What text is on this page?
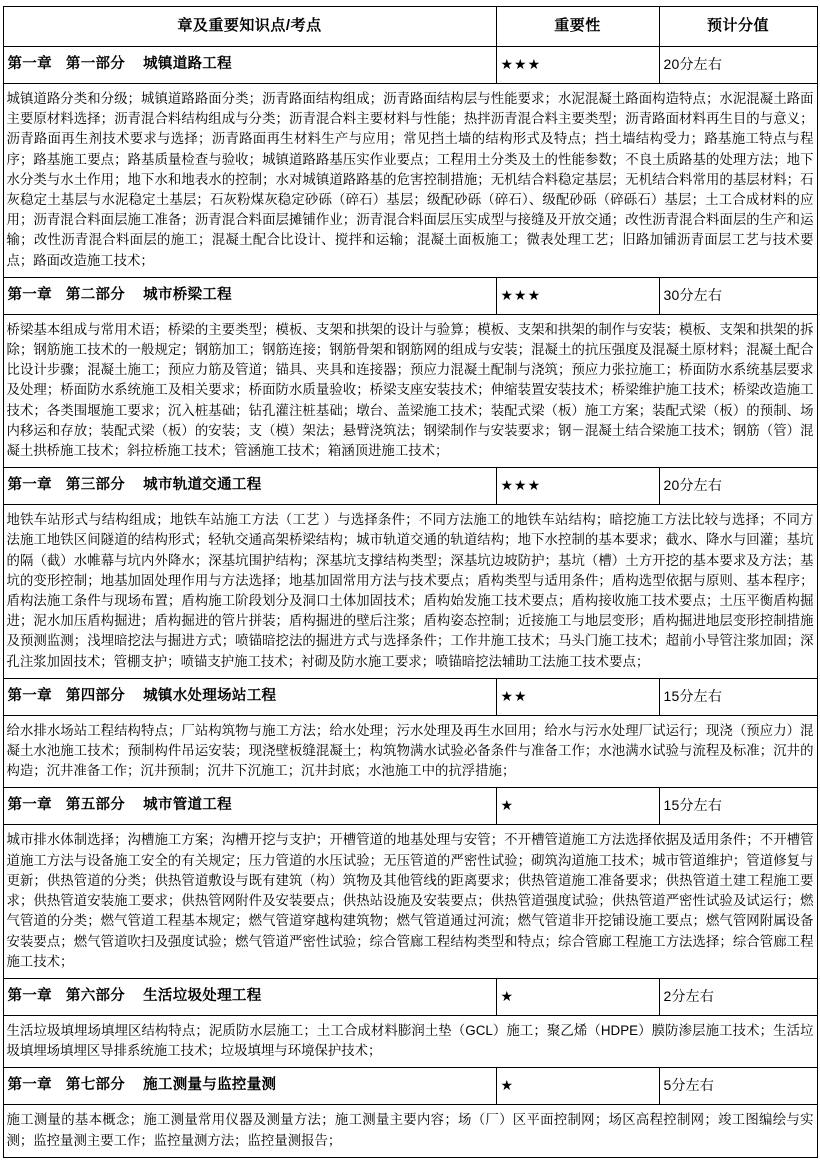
章及重要知识点/考点	重要性	预计分值
第一章 第一部分 城镇道路工程	★★★	20分左右

城镇道路分类和分级；城镇道路路面分类；沥青路面结构组成；沥青路面结构层与性能要求；水泥混凝土路面构造特点；水泥混凝土路面主要原材料选择；沥青混合料结构组成与分类；沥青混合料主要材料与性能；热拌沥青混合料主要类型；沥青路面材料再生目的与意义；沥青路面再生剂技术要求与选择；沥青路面再生材料生产与应用；常见挡土墙的结构形式及特点；挡土墙结构受力；路基施工特点与程序；路基施工要点；路基质量检查与验收；城镇道路路基压实作业要点；工程用土分类及土的性能参数；不良土质路基的处理方法；地下水分类与水土作用；地下水和地表水的控制；水对城镇道路路基的危害控制措施；无机结合料稳定基层；无机结合料常用的基层材料；石灰稳定土基层与水泥稳定土基层；石灰粉煤灰稳定砂砾（碎石）基层；级配砂砾（碎石）、级配砂砾（碎砾石）基层；土工合成材料的应用；沥青混合料面层施工准备；沥青混合料面层摊铺作业；沥青混合料面层压实成型与接缝及开放交通；改性沥青混合料面层的生产和运输；改性沥青混合料面层的施工；混凝土配合比设计、搅拌和运输；混凝土面板施工；微表处理工艺；旧路加铺沥青面层工艺与技术要点；路面改造施工技术；		

第一章 第二部分 城市桥梁工程	★★★	30分左右

桥梁基本组成与常用术语；桥梁的主要类型；模板、支架和拱架的设计与验算；模板、支架和拱架的制作与安装；模板、支架和拱架的拆除；钢筋施工技术的一般规定；钢筋加工；钢筋连接；钢筋骨架和钢筋网的组成与安装；混凝土的抗压强度及混凝土原材料；混凝土配合比设计步骤；混凝土施工；预应力筋及管道；锚具、夹具和连接器；预应力混凝土配制与浇筑；预应力张拉施工；桥面防水系统基层要求及处理；桥面防水系统施工及相关要求；桥面防水质量验收；桥梁支座安装技术；伸缩装置安装技术；桥梁维护施工技术；桥梁改造施工技术；各类围堰施工要求；沉入桩基础；钻孔灌注桩基础；墩台、盖梁施工技术；装配式梁（板）施工方案；装配式梁（板）的预制、场内移运和存放；装配式梁（板）的安装；支（模）架法；悬臂浇筑法；钢梁制作与安装要求；钢－混凝土结合梁施工技术；钢筋（管）混凝土拱桥施工技术；斜拉桥施工技术；管涵施工技术；箱涵顶进施工技术；		

第一章 第三部分 城市轨道交通工程	★★★	20分左右

地铁车站形式与结构组成；地铁车站施工方法（工艺 ）与选择条件；不同方法施工的地铁车站结构；暗挖施工方法比较与选择；不同方法施工地铁区间隧道的结构形式；轻轨交通高架桥梁结构；城市轨道交通的轨道结构；地下水控制的基本要求；截水、降水与回灌；基坑的隔（截）水帷幕与坑内外降水；深基坑围护结构；深基坑支撑结构类型；深基坑边坡防护；基坑（槽）土方开挖的基本要求及方法；基坑的变形控制；地基加固处理作用与方法选择；地基加固常用方法与技术要点；盾构类型与适用条件；盾构选型依据与原则、基本程序；盾构法施工条件与现场布置；盾构施工阶段划分及洞口土体加固技术；盾构始发施工技术要点；盾构接收施工技术要点；土压平衡盾构掘进；泥水加压盾构掘进；盾构掘进的管片拼装；盾构掘进的壁后注浆；盾构姿态控制；近接施工与地层变形；盾构掘进地层变形控制措施及预测监测；浅埋暗挖法与掘进方式；喷锚暗挖法的掘进方式与选择条件；工作井施工技术；马头门施工技术；超前小导管注浆加固；深孔注浆加固技术；管棚支护；喷锚支护施工技术；衬砌及防水施工要求；喷锚暗挖法辅助工法施工技术要点；		

第一章 第四部分 城镇水处理场站工程	★★	15分左右

给水排水场站工程结构特点；厂站构筑物与施工方法；给水处理；污水处理及再生水回用；给水与污水处理厂试运行；现浇（预应力）混凝土水池施工技术；预制构件吊运安装；现浇壁板缝混凝土；构筑物满水试验必备条件与准备工作；水池满水试验与流程及标准；沉井的构造；沉井准备工作；沉井预制；沉井下沉施工；沉井封底；水池施工中的抗浮措施；		

第一章 第五部分 城市管道工程	★	15分左右

城市排水体制选择；沟槽施工方案；沟槽开挖与支护；开槽管道的地基处理与安管；不开槽管道施工方法选择依据及适用条件；不开槽管道施工方法与设备施工安全的有关规定；压力管道的水压试验；无压管道的严密性试验；砌筑沟道施工技术；城市管道维护；管道修复与更新；供热管道的分类；供热管道敷设与既有建筑（构）筑物及其他管线的距离要求；供热管道施工准备要求；供热管道土建工程施工要求；供热管道安装施工要求；供热管网附件及安装要点；供热站设施及安装要点；供热管道强度试验；供热管道严密性试验及试运行；燃气管道的分类；燃气管道工程基本规定；燃气管道穿越构建筑物；燃气管道通过河流；燃气管道非开挖铺设施工要点；燃气管网附属设备安装要点；燃气管道吹扫及强度试验；燃气管道严密性试验；综合管廊工程结构类型和特点；综合管廊工程施工方法选择；综合管廊工程施工技术；		

第一章 第六部分 生活垃圾处理工程	★	2分左右

生活垃圾填埋场填埋区结构特点；泥质防水层施工；土工合成材料膨润土垫（GCL）施工；聚乙烯（HDPE）膜防渗层施工技术；生活垃圾填埋场填埋区导排系统施工技术；垃圾填埋与环境保护技术；		

第一章 第七部分 施工测量与监控量测	★	5分左右

施工测量的基本概念；施工测量常用仪器及测量方法；施工测量主要内容；场（厂）区平面控制网；场区高程控制网；竣工图编绘与实测；监控量测主要工作；监控量测方法；监控量测报告；		
